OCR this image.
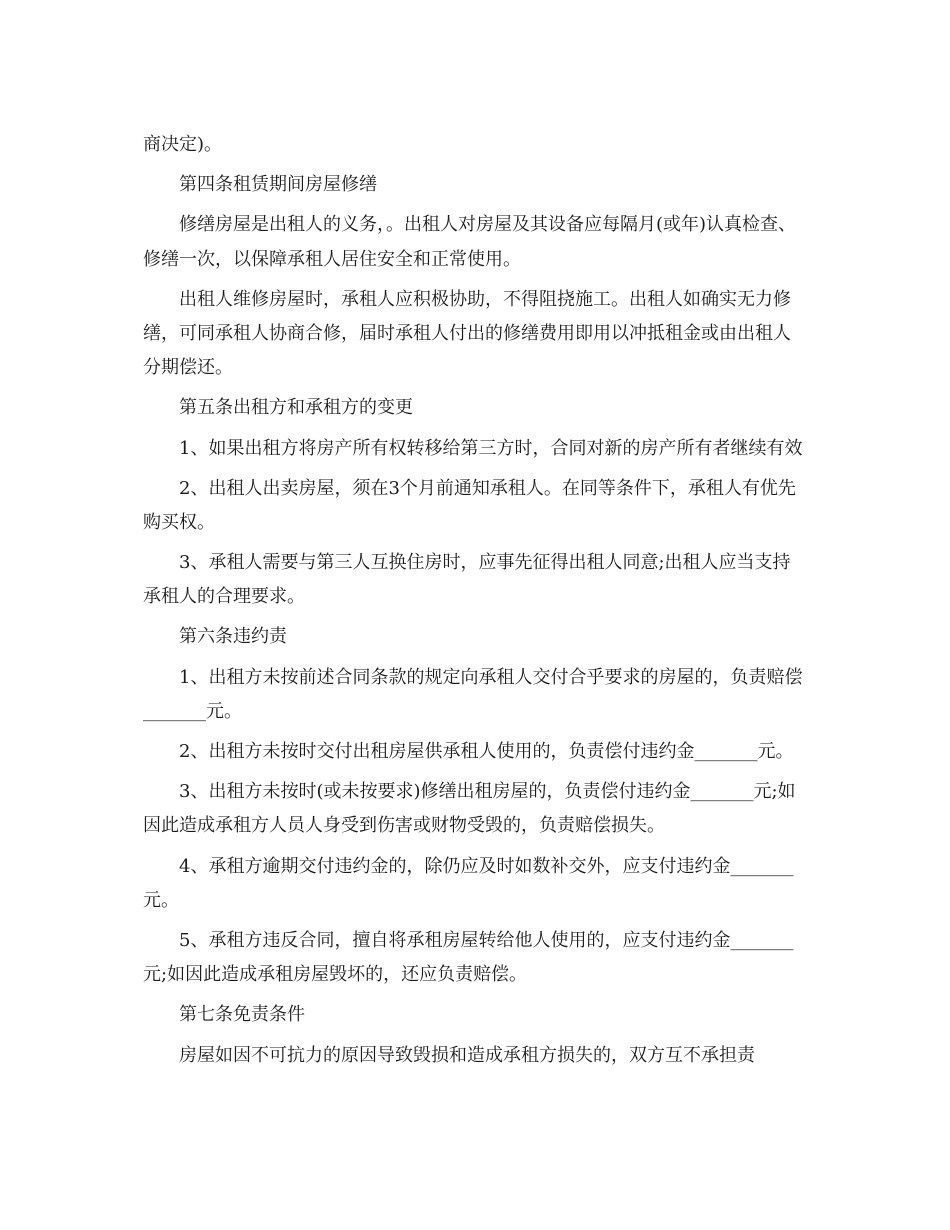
商决定)。

第四条租赁期间房屋修缮

修缮房屋是出租人的义务，。出租人对房屋及其设备应每隔月(或年)认真检查、修缮一次，以保障承租人居住安全和正常使用。

出租人维修房屋时，承租人应积极协助，不得阻挠施工。出租人如确实无力修缮，可同承租人协商合修，届时承租人付出的修缮费用即用以冲抵租金或由出租人分期偿还。

第五条出租方和承租方的变更

1、如果出租方将房产所有权转移给第三方时，合同对新的房产所有者继续有效

2、出租人出卖房屋，须在3个月前通知承租人。在同等条件下，承租人有优先购买权。

3、承租人需要与第三人互换住房时，应事先征得出租人同意;出租人应当支持承租人的合理要求。

第六条违约责

1、出租方未按前述合同条款的规定向承租人交付合乎要求的房屋的，负责赔偿_______元。

2、出租方未按时交付出租房屋供承租人使用的，负责偿付违约金_______元。

3、出租方未按时(或未按要求)修缮出租房屋的，负责偿付违约金_______元;如因此造成承租方人员人身受到伤害或财物受毁的，负责赔偿损失。

4、承租方逾期交付违约金的，除仍应及时如数补交外，应支付违约金_______元。

5、承租方违反合同，擅自将承租房屋转给他人使用的，应支付违约金_______元;如因此造成承租房屋毁坏的，还应负责赔偿。

第七条免责条件

房屋如因不可抗力的原因导致毁损和造成承租方损失的，双方互不承担责
